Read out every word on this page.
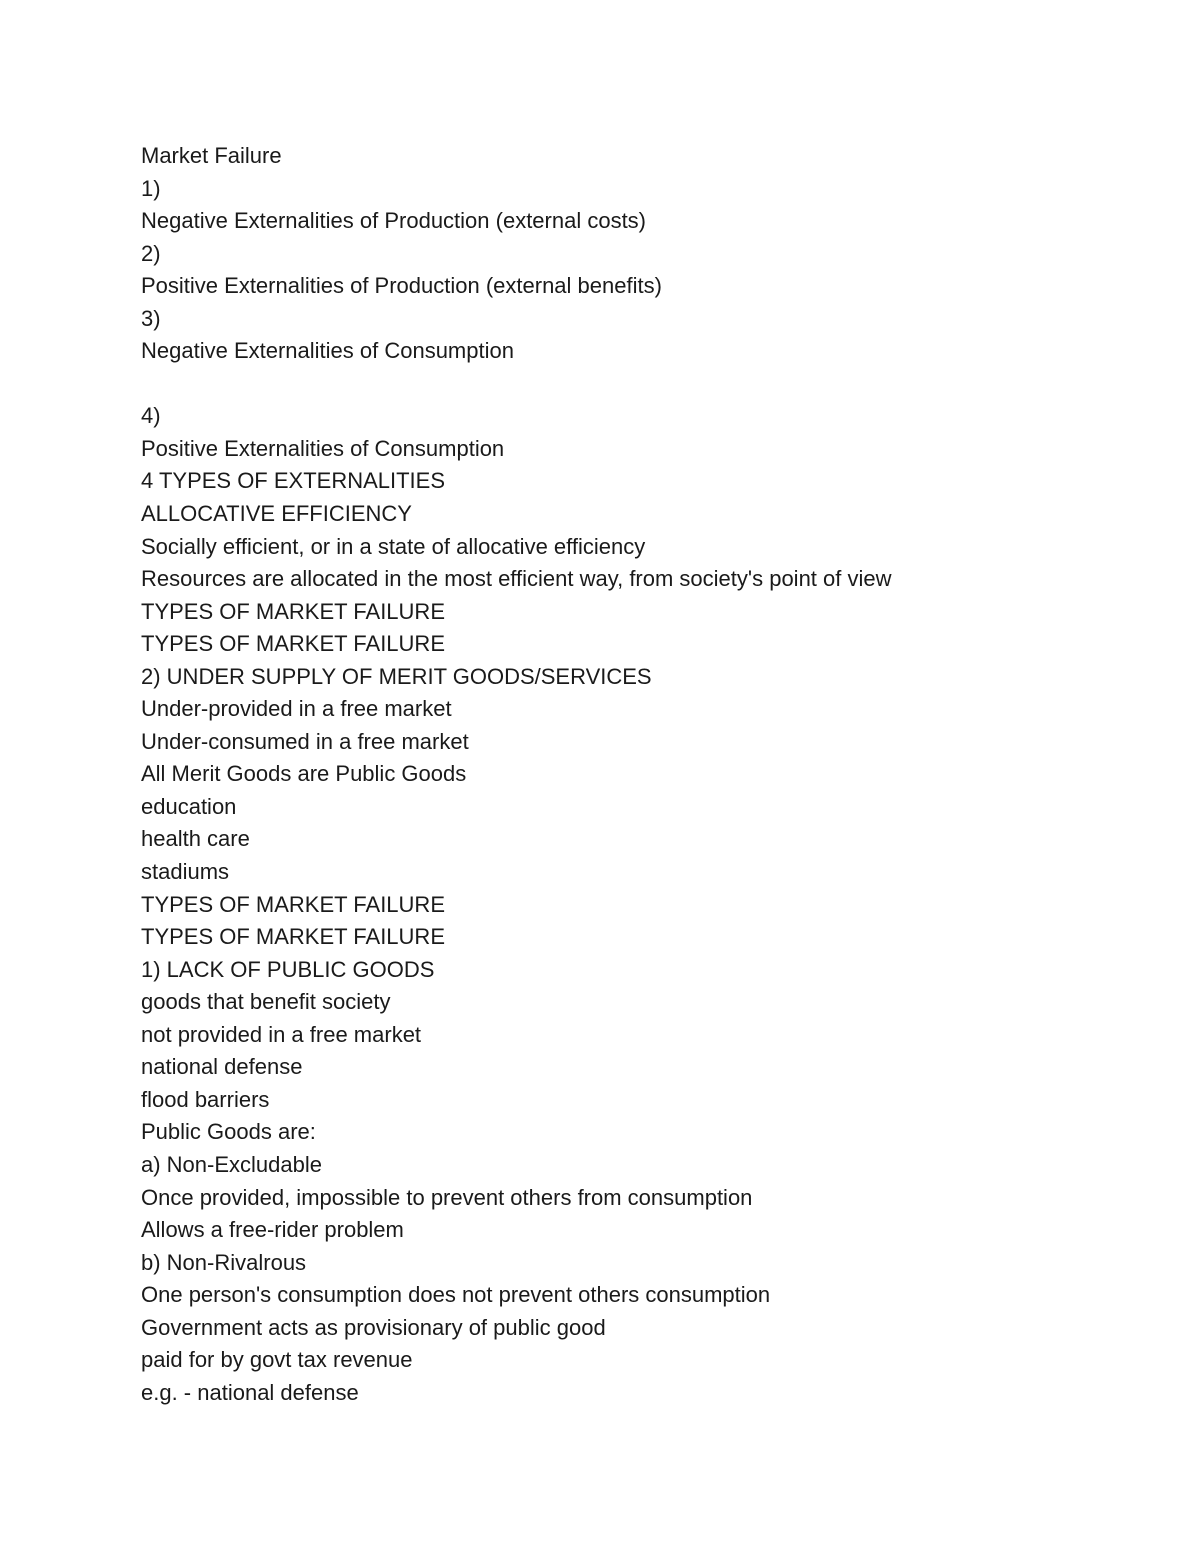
Market Failure
1)
Negative Externalities of Production (external costs)
2)
Positive Externalities of Production (external benefits)
3)
Negative Externalities of Consumption
4)
Positive Externalities of Consumption
4 TYPES OF EXTERNALITIES
ALLOCATIVE EFFICIENCY
Socially efficient, or in a state of allocative efficiency
Resources are allocated in the most efficient way, from society's point of view
TYPES OF MARKET FAILURE
TYPES OF MARKET FAILURE
2) UNDER SUPPLY OF MERIT GOODS/SERVICES
Under-provided in a free market
Under-consumed in a free market
All Merit Goods are Public Goods
education
health care
stadiums
TYPES OF MARKET FAILURE
TYPES OF MARKET FAILURE
1) LACK OF PUBLIC GOODS
goods that benefit society
not provided in a free market
national defense
flood barriers
Public Goods are:
a) Non-Excludable
Once provided, impossible to prevent others from consumption
Allows a free-rider problem
b) Non-Rivalrous
One person's consumption does not prevent others consumption
Government acts as provisionary of public good
paid for by govt tax revenue
e.g. - national defense
